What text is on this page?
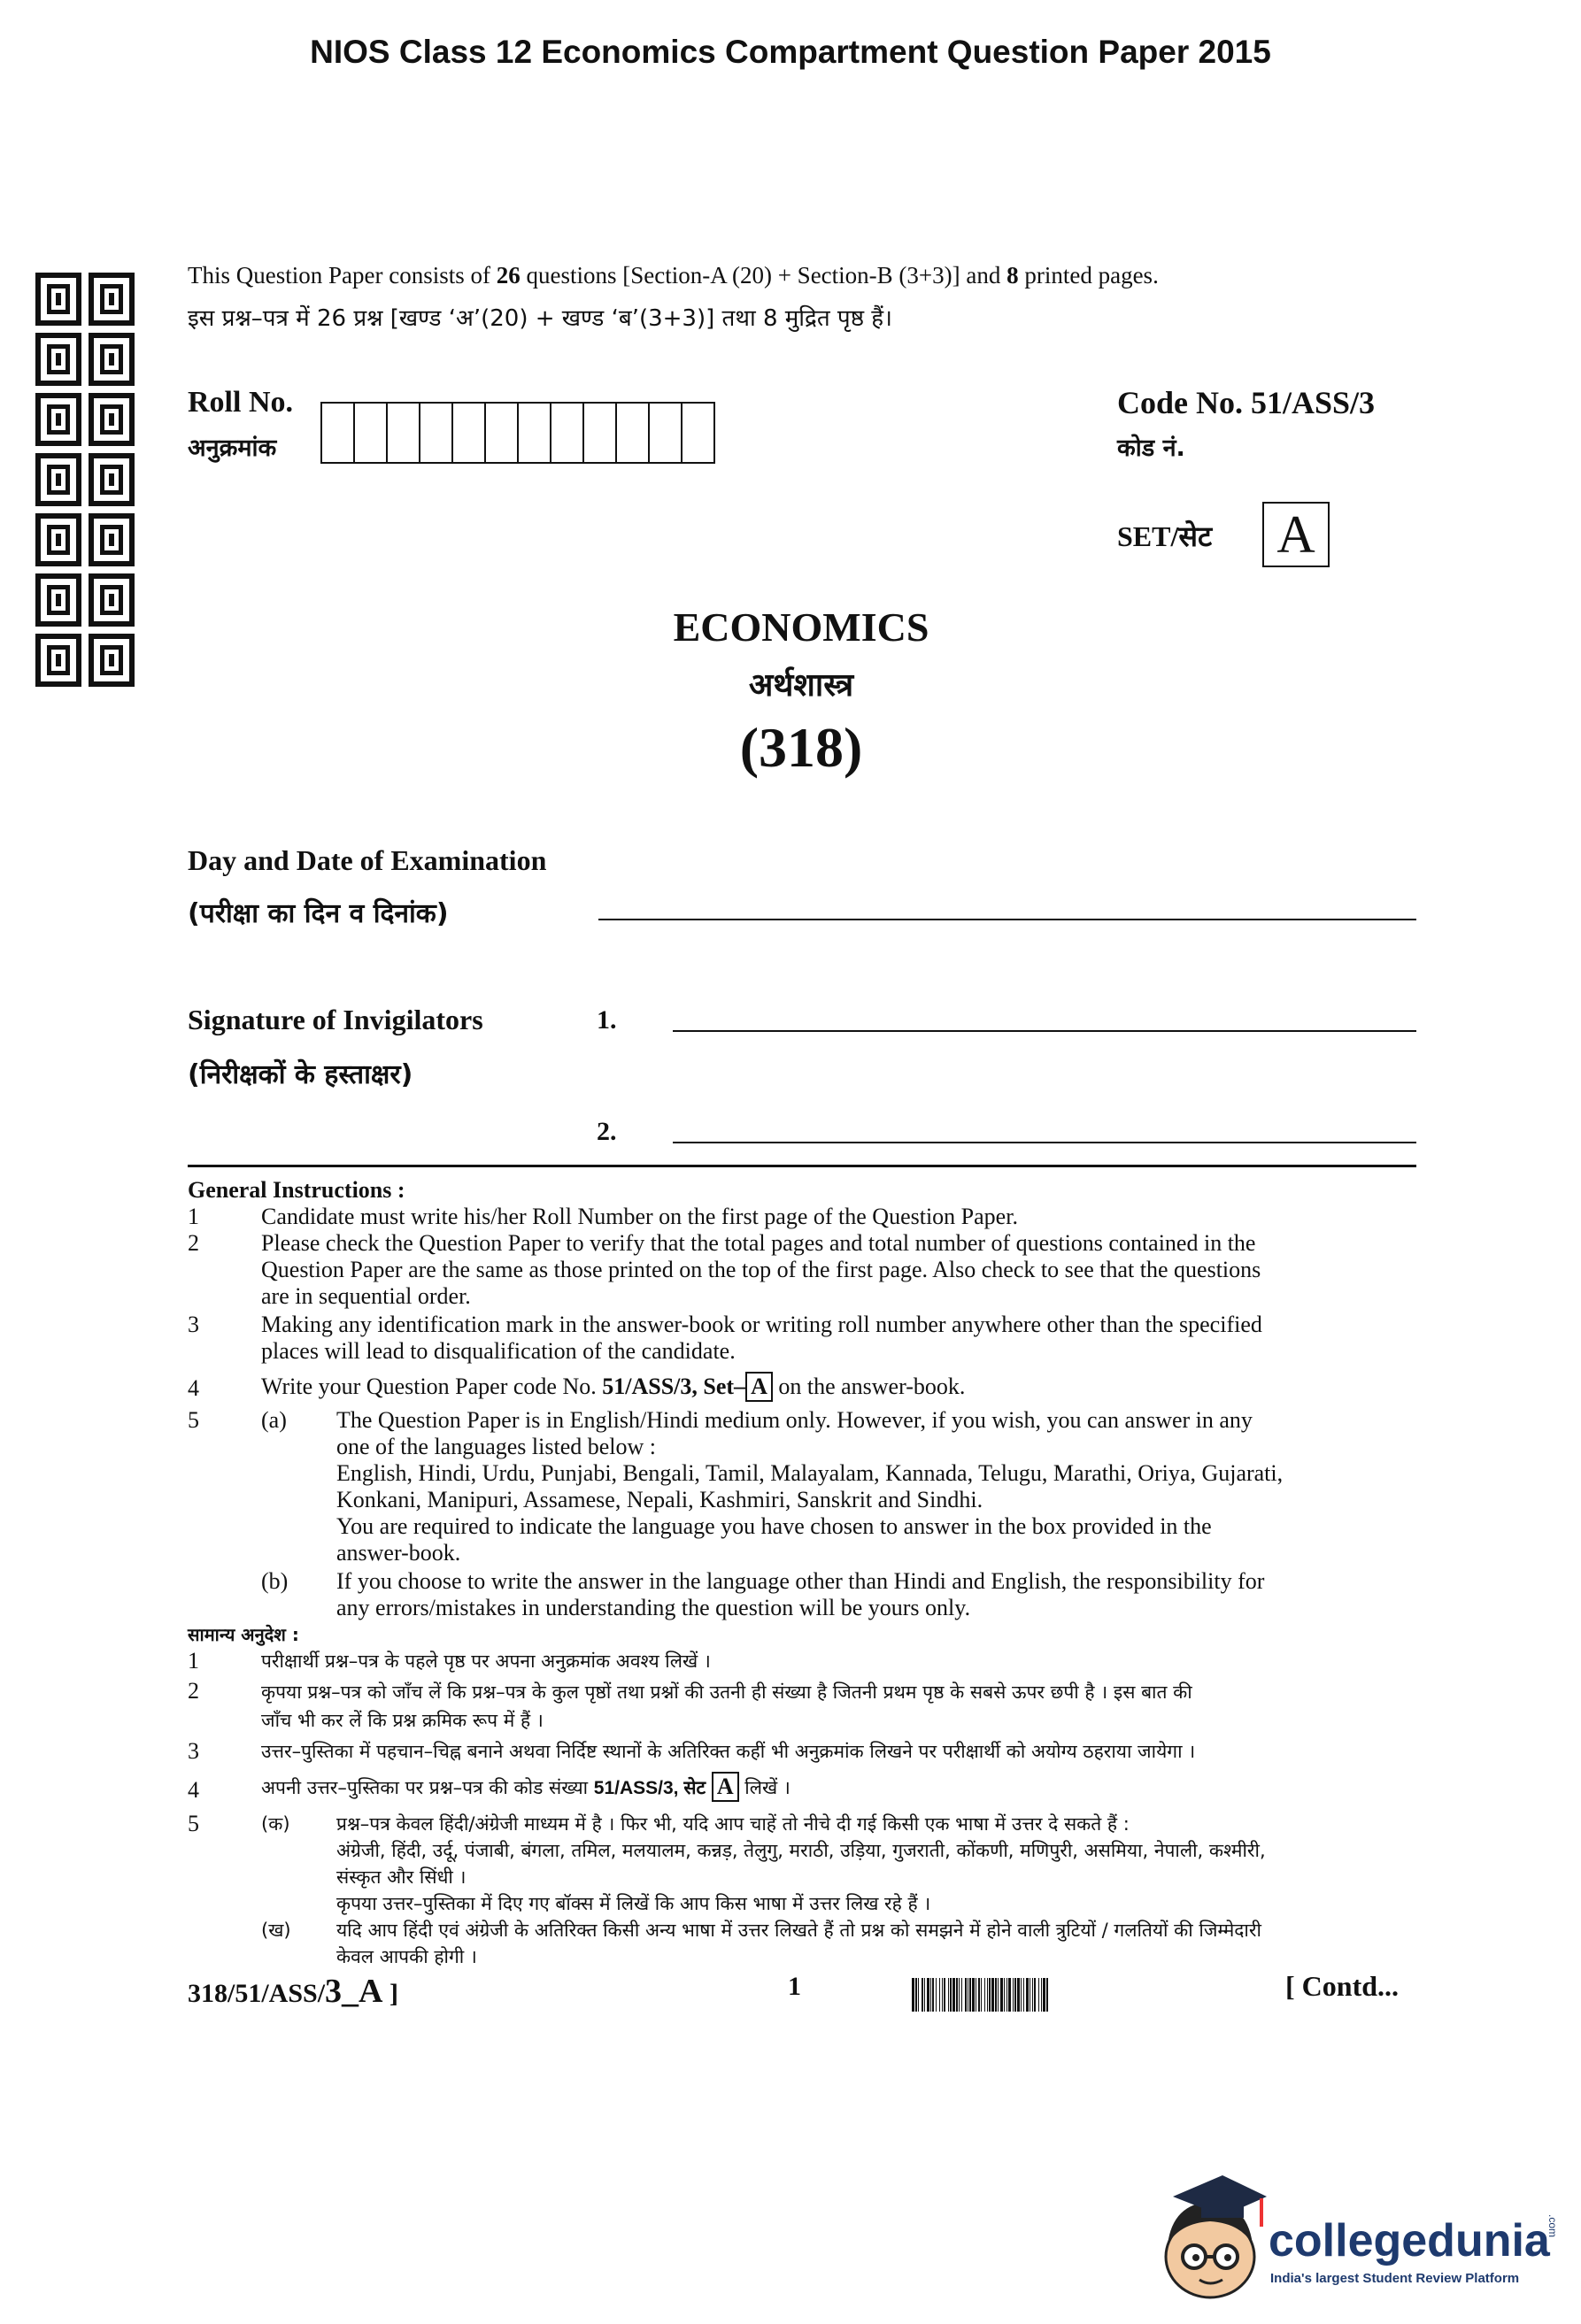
NIOS Class 12 Economics Compartment Question Paper 2015
This Question Paper consists of 26 questions [Section-A (20) + Section-B (3+3)] and 8 printed pages.
इस प्रश्न–पत्र में 26 प्रश्न [खण्ड ‘अ’(20) + खण्ड ‘ब’(3+3)] तथा 8 मुद्रित पृष्ठ हैं।
Roll No.
अनुक्रमांक
Code No. 51/ASS/3
कोड नं.
SET/सेट A
ECONOMICS
अर्थशास्त्र
(318)
Day and Date of Examination
(परीक्षा का दिन व दिनांक)
Signature of Invigilators
(निरीक्षकों के हस्ताक्षर)
1.
2.
General Instructions :
1	Candidate must write his/her Roll Number on the first page of the Question Paper.
2	Please check the Question Paper to verify that the total pages and total number of questions contained in the
Question Paper are the same as those printed on the top of the first page. Also check to see that the questions
are in sequential order.
3	Making any identification mark in the answer-book or writing roll number anywhere other than the specified
places will lead to disqualification of the candidate.
4	Write your Question Paper code No. 51/ASS/3, Set– A on the answer-book.
5	(a) The Question Paper is in English/Hindi medium only. However, if you wish, you can answer in any
one of the languages listed below :
English, Hindi, Urdu, Punjabi, Bengali, Tamil, Malayalam, Kannada, Telugu, Marathi, Oriya, Gujarati,
Konkani, Manipuri, Assamese, Nepali, Kashmiri, Sanskrit and Sindhi.
You are required to indicate the language you have chosen to answer in the box provided in the
answer-book.
(b) If you choose to write the answer in the language other than Hindi and English, the responsibility for
any errors/mistakes in understanding the question will be yours only.
सामान्य अनुदेश :
1	परीक्षार्थी प्रश्न–पत्र के पहले पृष्ठ पर अपना अनुक्रमांक अवश्य लिखें ।
2	कृपया प्रश्न–पत्र को जाँच लें कि प्रश्न–पत्र के कुल पृष्ठों तथा प्रश्नों की उतनी ही संख्या है जितनी प्रथम पृष्ठ के सबसे ऊपर छपी है । इस बात की
जाँच भी कर लें कि प्रश्न क्रमिक रूप में हैं ।
3	उत्तर–पुस्तिका में पहचान–चिह्न बनाने अथवा निर्दिष्ट स्थानों के अतिरिक्त कहीं भी अनुक्रमांक लिखने पर परीक्षार्थी को अयोग्य ठहराया जायेगा ।
4	अपनी उत्तर–पुस्तिका पर प्रश्न–पत्र की कोड संख्या 51/ASS/3, सेट A लिखें ।
5	(क) प्रश्न–पत्र केवल हिंदी/अंग्रेजी माध्यम में है । फिर भी, यदि आप चाहें तो नीचे दी गई किसी एक भाषा में उत्तर दे सकते हैं :
अंग्रेजी, हिंदी, उर्दू, पंजाबी, बंगला, तमिल, मलयालम, कन्नड़, तेलुगु, मराठी, उड़िया, गुजराती, कोंकणी, मणिपुरी, असमिया, नेपाली, कश्मीरी,
संस्कृत और सिंधी ।
कृपया उत्तर–पुस्तिका में दिए गए बॉक्स में लिखें कि आप किस भाषा में उत्तर लिख रहे हैं ।
(ख) यदि आप हिंदी एवं अंग्रेजी के अतिरिक्त किसी अन्य भाषा में उत्तर लिखते हैं तो प्रश्न को समझने में होने वाली त्रुटियों / गलतियों की जिम्मेदारी
केवल आपकी होगी ।
318/51/ASS/3_A ]	1	[ Contd...
collegedunia
.com
India's largest Student Review Platform
